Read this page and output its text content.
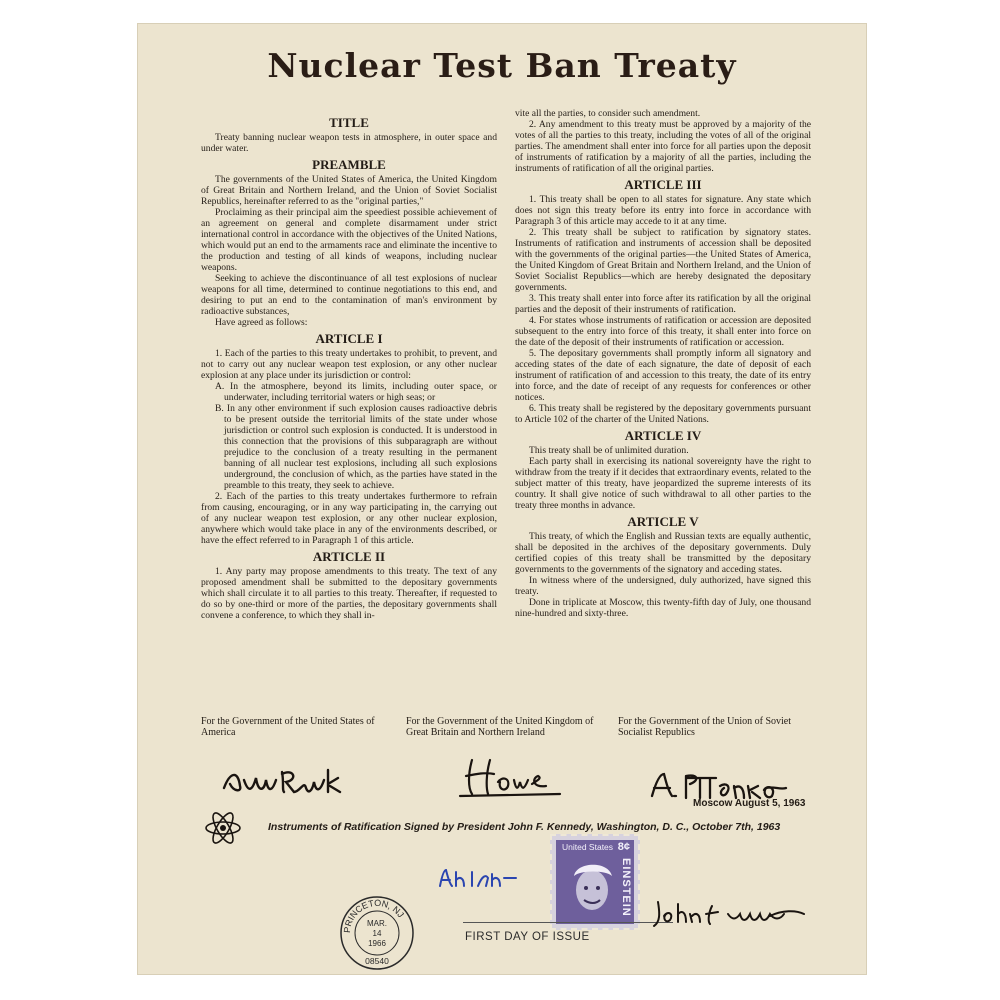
Nuclear Test Ban Treaty
TITLE

Treaty banning nuclear weapon tests in atmosphere, in outer space and under water.

PREAMBLE

The governments of the United States of America, the United Kingdom of Great Britain and Northern Ireland, and the Union of Soviet Socialist Republics, hereinafter referred to as the "original parties,"

Proclaiming as their principal aim the speediest possible achievement of an agreement on general and complete disarmament under strict international control in accordance with the objectives of the United Nations, which would put an end to the armaments race and eliminate the incentive to the production and testing of all kinds of weapons, including nuclear weapons.

Seeking to achieve the discontinuance of all test explosions of nuclear weapons for all time, determined to continue negotiations to this end, and desiring to put an end to the contamination of man's environment by radioactive substances,

Have agreed as follows:

ARTICLE I

1. Each of the parties to this treaty undertakes to prohibit, to prevent, and not to carry out any nuclear weapon test explosion, or any other nuclear explosion at any place under its jurisdiction or control:

A. In the atmosphere, beyond its limits, including outer space, or underwater, including territorial waters or high seas; or

B. In any other environment if such explosion causes radioactive debris to be present outside the territorial limits of the state under whose jurisdiction or control such explosion is conducted. It is understood in this connection that the provisions of this subparagraph are without prejudice to the conclusion of a treaty resulting in the permanent banning of all nuclear test explosions, including all such explosions underground, the conclusion of which, as the parties have stated in the preamble to this treaty, they seek to achieve.

2. Each of the parties to this treaty undertakes furthermore to refrain from causing, encouraging, or in any way participating in, the carrying out of any nuclear weapon test explosion, or any other nuclear explosion, anywhere which would take place in any of the environments described, or have the effect referred to in Paragraph 1 of this article.

ARTICLE II

1. Any party may propose amendments to this treaty. The text of any proposed amendment shall be submitted to the depositary governments which shall circulate it to all parties to this treaty. Thereafter, if requested to do so by one-third or more of the parties, the depositary governments shall convene a conference, to which they shall in-

vite all the parties, to consider such amendment.

2. Any amendment to this treaty must be approved by a majority of the votes of all the parties to this treaty, including the votes of all of the original parties. The amendment shall enter into force for all parties upon the deposit of instruments of ratification by a majority of all the parties, including the instruments of ratification of all the original parties.

ARTICLE III

1. This treaty shall be open to all states for signature. Any state which does not sign this treaty before its entry into force in accordance with Paragraph 3 of this article may accede to it at any time.

2. This treaty shall be subject to ratification by signatory states. Instruments of ratification and instruments of accession shall be deposited with the governments of the original parties—the United States of America, the United Kingdom of Great Britain and Northern Ireland, and the Union of Soviet Socialist Republics—which are hereby designated the depositary governments.

3. This treaty shall enter into force after its ratification by all the original parties and the deposit of their instruments of ratification.

4. For states whose instruments of ratification or accession are deposited subsequent to the entry into force of this treaty, it shall enter into force on the date of the deposit of their instruments of ratification or accession.

5. The depositary governments shall promptly inform all signatory and acceding states of the date of each signature, the date of deposit of each instrument of ratification of and accession to this treaty, the date of its entry into force, and the date of receipt of any requests for conferences or other notices.

6. This treaty shall be registered by the depositary governments pursuant to Article 102 of the charter of the United Nations.

ARTICLE IV

This treaty shall be of unlimited duration.

Each party shall in exercising its national sovereignty have the right to withdraw from the treaty if it decides that extraordinary events, related to the subject matter of this treaty, have jeopardized the supreme interests of its country. It shall give notice of such withdrawal to all other parties to the treaty three months in advance.

ARTICLE V

This treaty, of which the English and Russian texts are equally authentic, shall be deposited in the archives of the depositary governments. Duly certified copies of this treaty shall be transmitted by the depositary governments to the governments of the signatory and acceding states.

In witness where of the undersigned, duly authorized, have signed this treaty.

Done in triplicate at Moscow, this twenty-fifth day of July, one thousand nine-hundred and sixty-three.

For the Government of the United States of America
For the Government of the United Kingdom of Great Britain and Northern Ireland
For the Government of the Union of Soviet Socialist Republics
Moscow August 5, 1963
Instruments of Ratification Signed by President John F. Kennedy, Washington, D. C., October 7th, 1963
United States 8¢
EINSTEIN
PRINCETON, NJ
MAR.
14
1966
08540
FIRST DAY OF ISSUE
